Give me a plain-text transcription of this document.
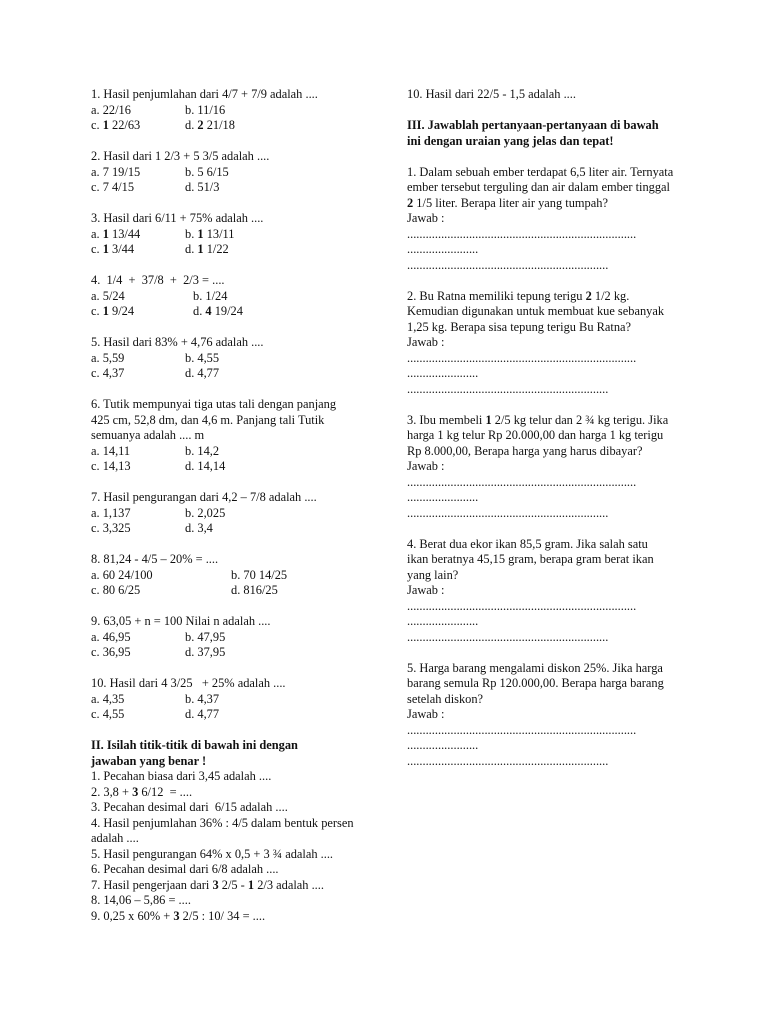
1. Hasil penjumlahan dari 4/7 + 7/9 adalah ....
a. 22/16	b. 11/16
c. 1 22/63	d. 2 21/18
2. Hasil dari 1 2/3 + 5 3/5 adalah ....
a. 7 19/15	b. 5 6/15
c. 7 4/15	d. 51/3
3. Hasil dari 6/11 + 75% adalah ....
a. 1 13/44	b. 1 13/11
c. 1 3/44	d. 1 1/22
4.  1/4  +  37/8  +  2/3 = ....
a. 5/24	b. 1/24
c. 1 9/24	d. 4 19/24
5. Hasil dari 83% + 4,76 adalah ....
a. 5,59	b. 4,55
c. 4,37	d. 4,77
6. Tutik mempunyai tiga utas tali dengan panjang 425 cm, 52,8 dm, dan 4,6 m. Panjang tali Tutik semuanya adalah .... m
a. 14,11	b. 14,2
c. 14,13	d. 14,14
7. Hasil pengurangan dari 4,2 – 7/8 adalah ....
a. 1,137	b. 2,025
c. 3,325	d. 3,4
8. 81,24 - 4/5 – 20% = ....
a. 60 24/100	b. 70 14/25
c. 80 6/25	d. 816/25
9. 63,05 + n = 100 Nilai n adalah ....
a. 46,95	b. 47,95
c. 36,95	d. 37,95
10. Hasil dari 4 3/25   + 25% adalah ....
a. 4,35	b. 4,37
c. 4,55	d. 4,77
II. Isilah titik-titik di bawah ini dengan jawaban yang benar !
1. Pecahan biasa dari 3,45 adalah ....
2. 3,8 + 3 6/12  = ....
3. Pecahan desimal dari  6/15 adalah ....
4. Hasil penjumlahan 36% : 4/5 dalam bentuk persen adalah ....
5. Hasil pengurangan 64% x 0,5 + 3 ¾ adalah ....
6. Pecahan desimal dari 6/8 adalah ....
7. Hasil pengerjaan dari 3 2/5 - 1 2/3 adalah ....
8. 14,06 – 5,86 = ....
9. 0,25 x 60% + 3 2/5 : 10/ 34 = ....
10. Hasil dari 22/5 - 1,5 adalah ....
III. Jawablah pertanyaan-pertanyaan di bawah ini dengan uraian yang jelas dan tepat!
1. Dalam sebuah ember terdapat 6,5 liter air. Ternyata ember tersebut terguling dan air dalam ember tinggal 2 1/5 liter. Berapa liter air yang tumpah?
Jawab :
..........................................................................
.......................
.................................................................
2. Bu Ratna memiliki tepung terigu 2 1/2 kg. Kemudian digunakan untuk membuat kue sebanyak 1,25 kg. Berapa sisa tepung terigu Bu Ratna?
Jawab :
..........................................................................
.......................
.................................................................
3. Ibu membeli 1 2/5 kg telur dan 2 ¾ kg terigu. Jika harga 1 kg telur Rp 20.000,00 dan harga 1 kg terigu Rp 8.000,00, Berapa harga yang harus dibayar?
Jawab :
..........................................................................
.......................
.................................................................
4. Berat dua ekor ikan 85,5 gram. Jika salah satu ikan beratnya 45,15 gram, berapa gram berat ikan yang lain?
Jawab :
..........................................................................
.......................
.................................................................
5. Harga barang mengalami diskon 25%. Jika harga barang semula Rp 120.000,00. Berapa harga barang setelah diskon?
Jawab :
..........................................................................
.......................
.................................................................
